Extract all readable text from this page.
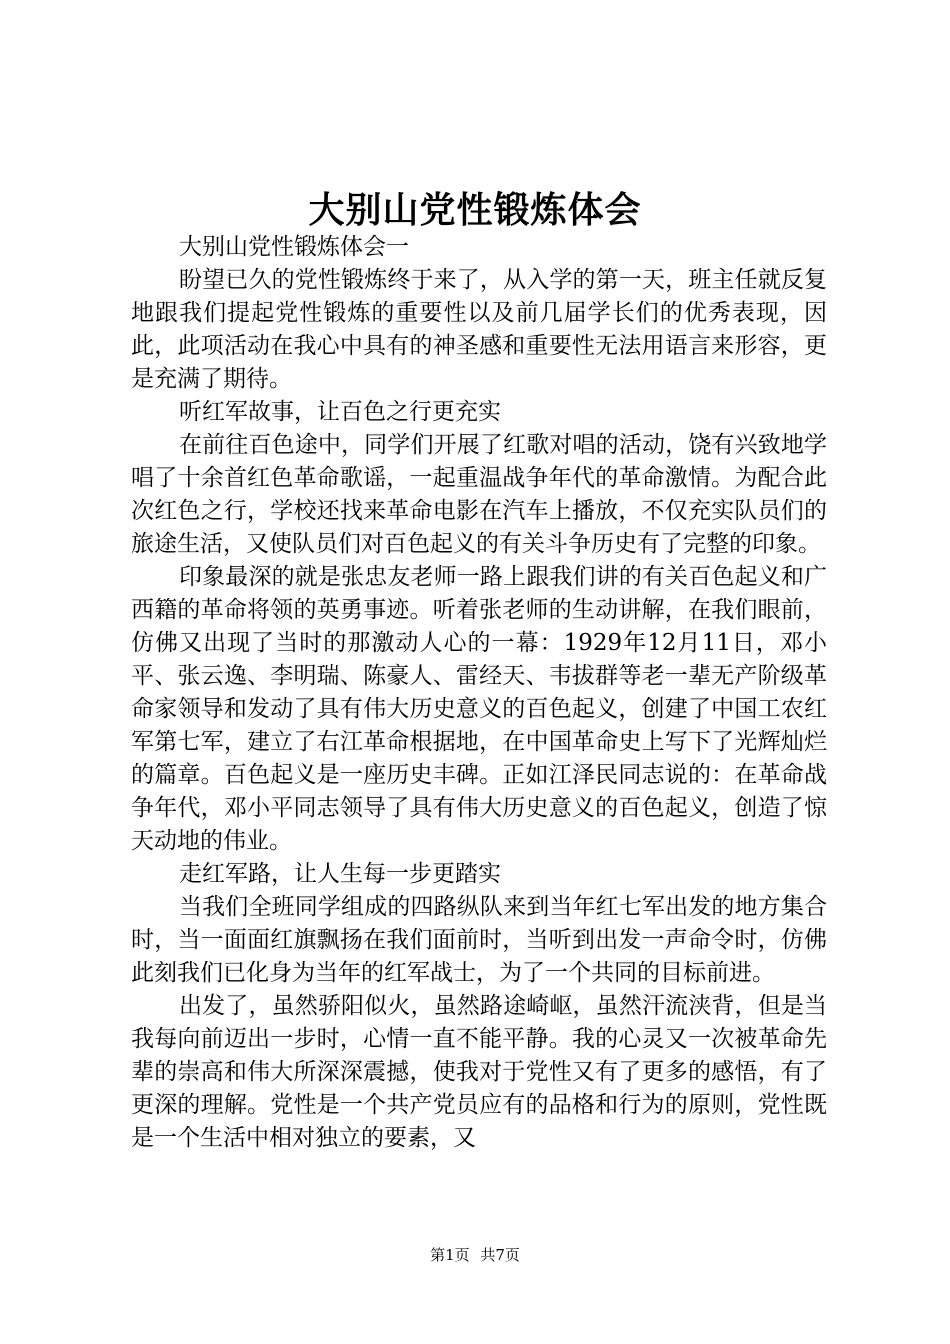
大别山党性锻炼体会

大别山党性锻炼体会一

盼望已久的党性锻炼终于来了，从入学的第一天，班主任就反复地跟我们提起党性锻炼的重要性以及前几届学长们的优秀表现，因此，此项活动在我心中具有的神圣感和重要性无法用语言来形容，更是充满了期待。

听红军故事，让百色之行更充实

在前往百色途中，同学们开展了红歌对唱的活动，饶有兴致地学唱了十余首红色革命歌谣，一起重温战争年代的革命激情。为配合此次红色之行，学校还找来革命电影在汽车上播放，不仅充实队员们的旅途生活，又使队员们对百色起义的有关斗争历史有了完整的印象。

印象最深的就是张忠友老师一路上跟我们讲的有关百色起义和广西籍的革命将领的英勇事迹。听着张老师的生动讲解，在我们眼前，仿佛又出现了当时的那激动人心的一幕：1929年12月11日，邓小平、张云逸、李明瑞、陈豪人、雷经天、韦拔群等老一辈无产阶级革命家领导和发动了具有伟大历史意义的百色起义，创建了中国工农红军第七军，建立了右江革命根据地，在中国革命史上写下了光辉灿烂的篇章。百色起义是一座历史丰碑。正如江泽民同志说的：在革命战争年代，邓小平同志领导了具有伟大历史意义的百色起义，创造了惊天动地的伟业。

走红军路，让人生每一步更踏实

当我们全班同学组成的四路纵队来到当年红七军出发的地方集合时，当一面面红旗飘扬在我们面前时，当听到出发一声命令时，仿佛此刻我们已化身为当年的红军战士，为了一个共同的目标前进。

出发了，虽然骄阳似火，虽然路途崎岖，虽然汗流浃背，但是当我每向前迈出一步时，心情一直不能平静。我的心灵又一次被革命先辈的崇高和伟大所深深震撼，使我对于党性又有了更多的感悟，有了更深的理解。党性是一个共产党员应有的品格和行为的原则，党性既是一个生活中相对独立的要素，又

第1页 共7页
